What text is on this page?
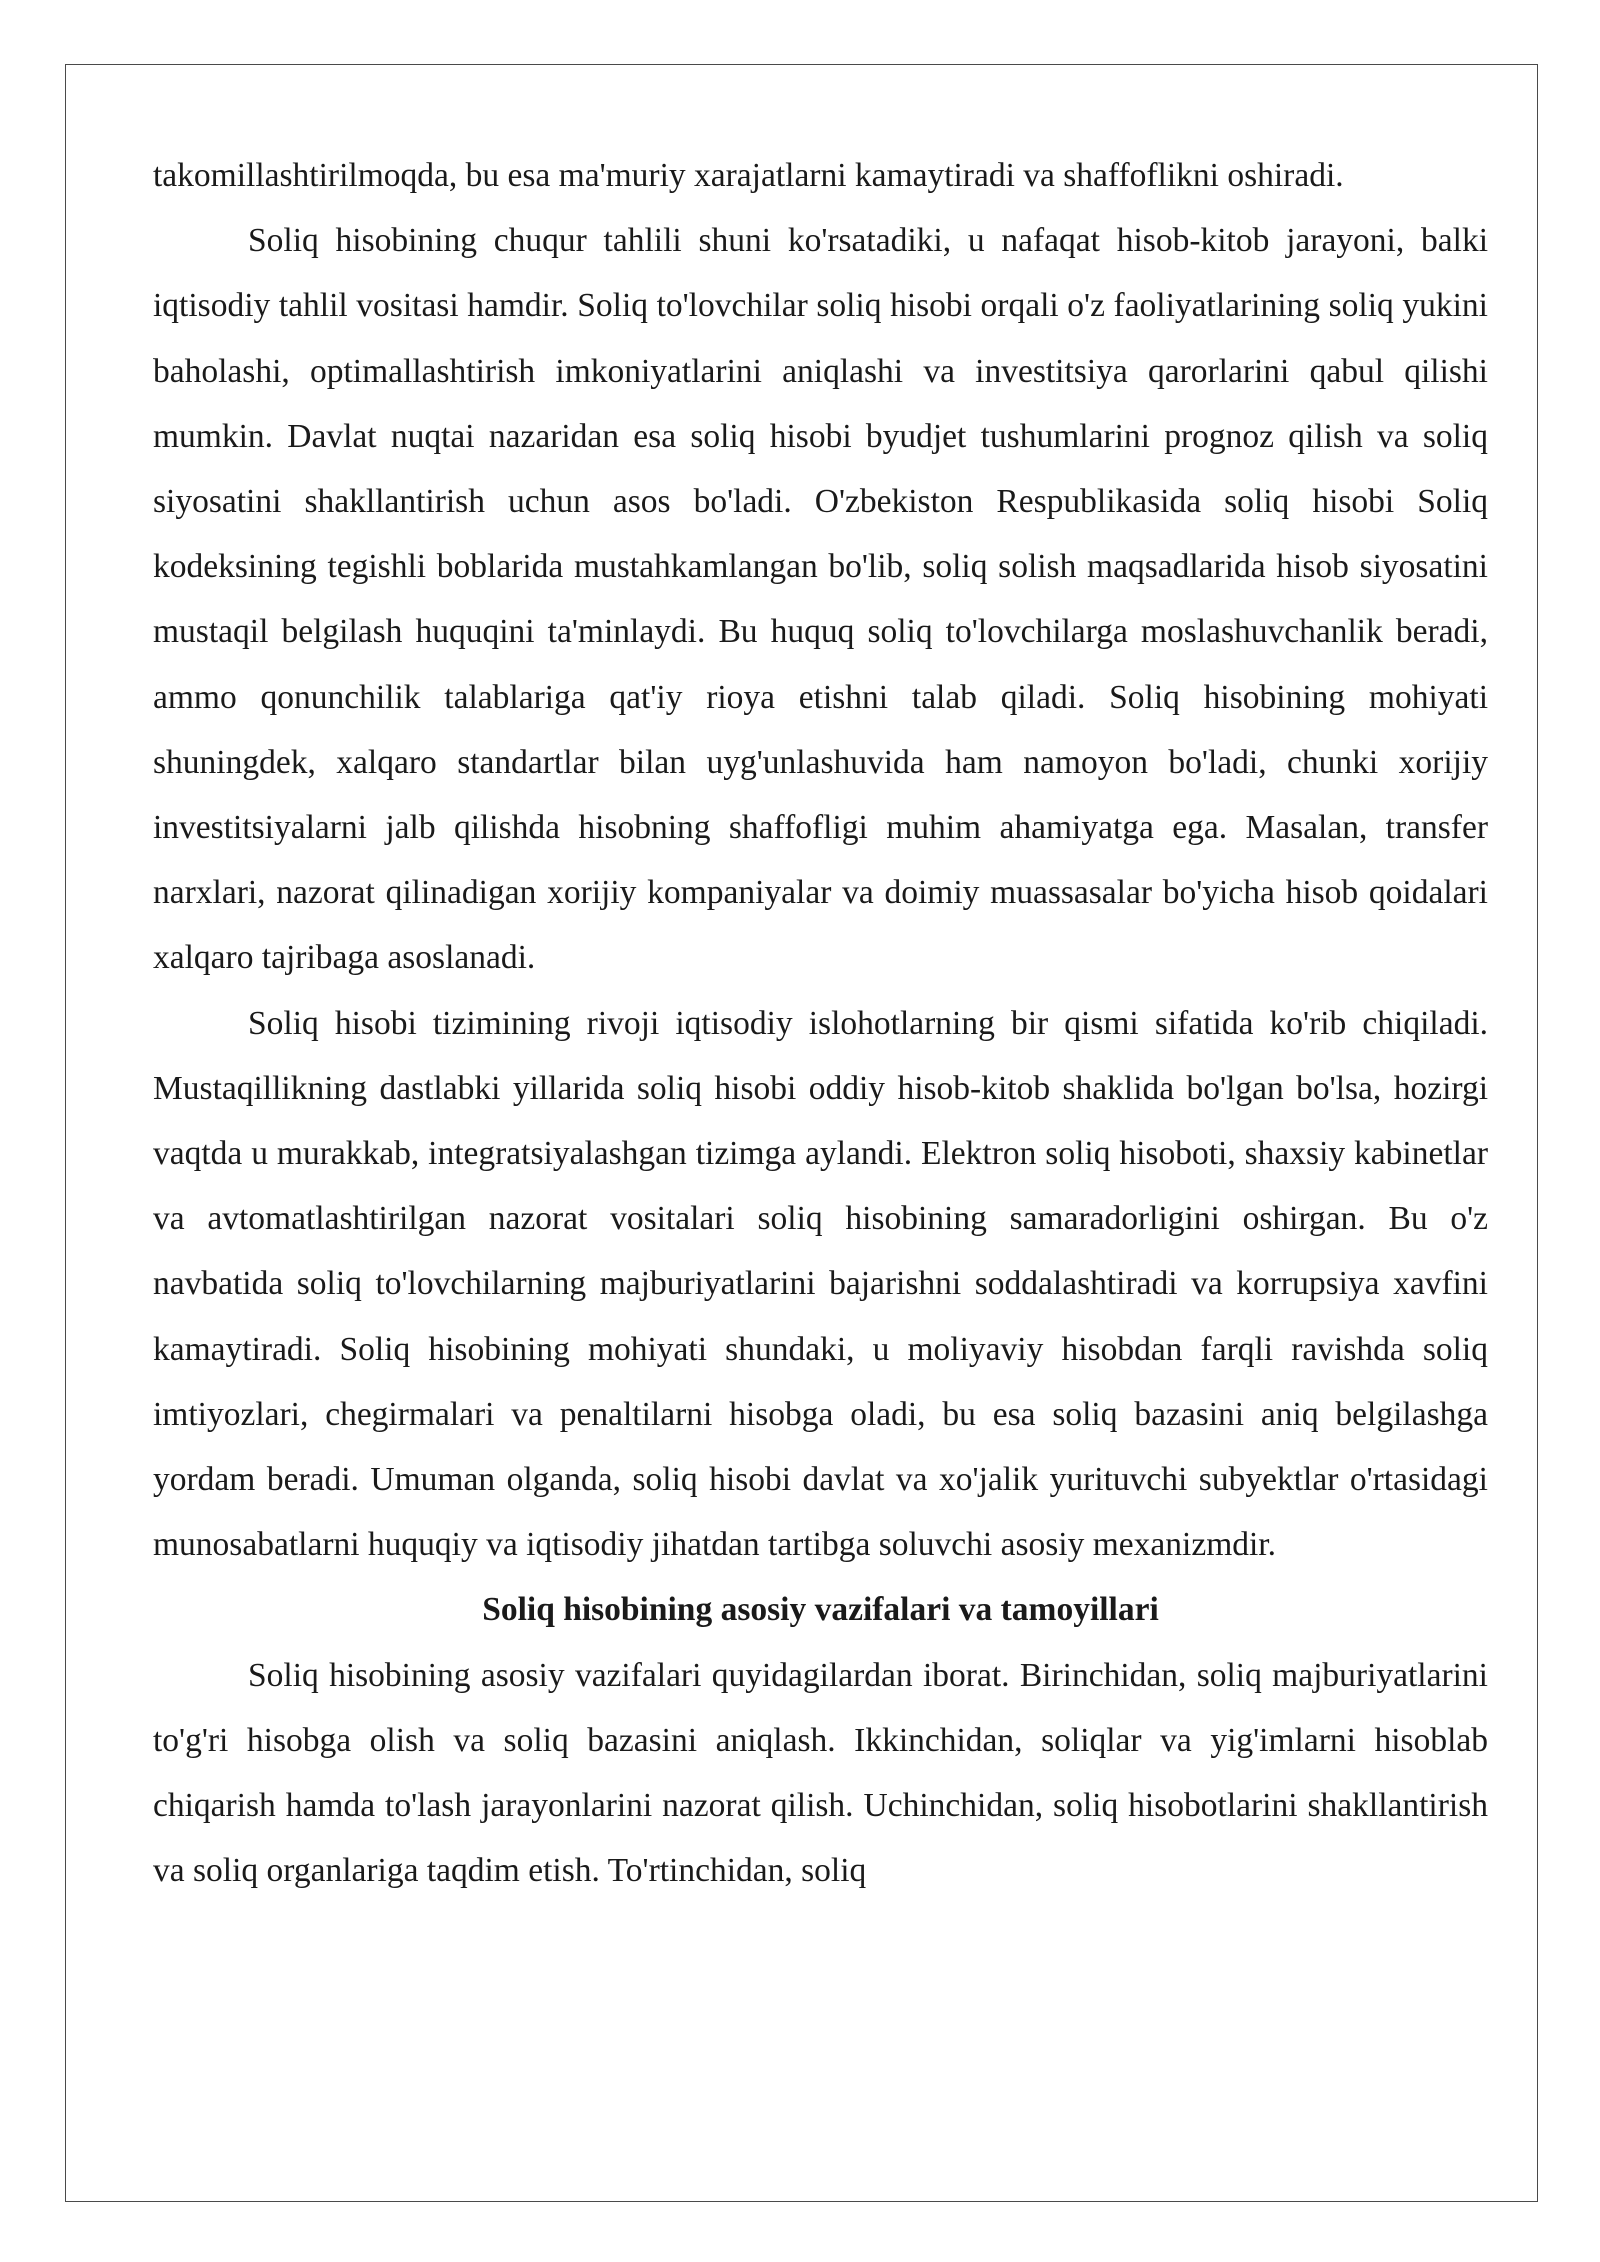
takomillashtirilmoqda, bu esa ma'muriy xarajatlarni kamaytiradi va shaffoflikni oshiradi.

Soliq hisobining chuqur tahlili shuni ko'rsatadiki, u nafaqat hisob-kitob jarayoni, balki iqtisodiy tahlil vositasi hamdir. Soliq to'lovchilar soliq hisobi orqali o'z faoliyatlarining soliq yukini baholashi, optimallashtirish imkoniyatlarini aniqlashi va investitsiya qarorlarini qabul qilishi mumkin. Davlat nuqtai nazaridan esa soliq hisobi byudjet tushumlarini prognoz qilish va soliq siyosatini shakllantirish uchun asos bo'ladi. O'zbekiston Respublikasida soliq hisobi Soliq kodeksining tegishli boblarida mustahkamlangan bo'lib, soliq solish maqsadlarida hisob siyosatini mustaqil belgilash huquqini ta'minlaydi. Bu huquq soliq to'lovchilarga moslashuvchanlik beradi, ammo qonunchilik talablariga qat'iy rioya etishni talab qiladi. Soliq hisobining mohiyati shuningdek, xalqaro standartlar bilan uyg'unlashuvida ham namoyon bo'ladi, chunki xorijiy investitsiyalarni jalb qilishda hisobning shaffofligi muhim ahamiyatga ega. Masalan, transfer narxlari, nazorat qilinadigan xorijiy kompaniyalar va doimiy muassasalar bo'yicha hisob qoidalari xalqaro tajribaga asoslanadi.

Soliq hisobi tizimining rivoji iqtisodiy islohotlarning bir qismi sifatida ko'rib chiqiladi. Mustaqillikning dastlabki yillarida soliq hisobi oddiy hisob-kitob shaklida bo'lgan bo'lsa, hozirgi vaqtda u murakkab, integratsiyalashgan tizimga aylandi. Elektron soliq hisoboti, shaxsiy kabinetlar va avtomatlashtirilgan nazorat vositalari soliq hisobining samaradorligini oshirgan. Bu o'z navbatida soliq to'lovchilarning majburiyatlarini bajarishni soddalashtiradi va korrupsiya xavfini kamaytiradi. Soliq hisobining mohiyati shundaki, u moliyaviy hisobdan farqli ravishda soliq imtiyozlari, chegirmalari va penaltilarni hisobga oladi, bu esa soliq bazasini aniq belgilashga yordam beradi. Umuman olganda, soliq hisobi davlat va xo'jalik yurituvchi subyektlar o'rtasidagi munosabatlarni huquqiy va iqtisodiy jihatdan tartibga soluvchi asosiy mexanizmdir.

Soliq hisobining asosiy vazifalari va tamoyillari

Soliq hisobining asosiy vazifalari quyidagilardan iborat. Birinchidan, soliq majburiyatlarini to'g'ri hisobga olish va soliq bazasini aniqlash. Ikkinchidan, soliqlar va yig'imlarni hisoblab chiqarish hamda to'lash jarayonlarini nazorat qilish. Uchinchidan, soliq hisobotlarini shakllantirish va soliq organlariga taqdim etish. To'rtinchidan, soliq
